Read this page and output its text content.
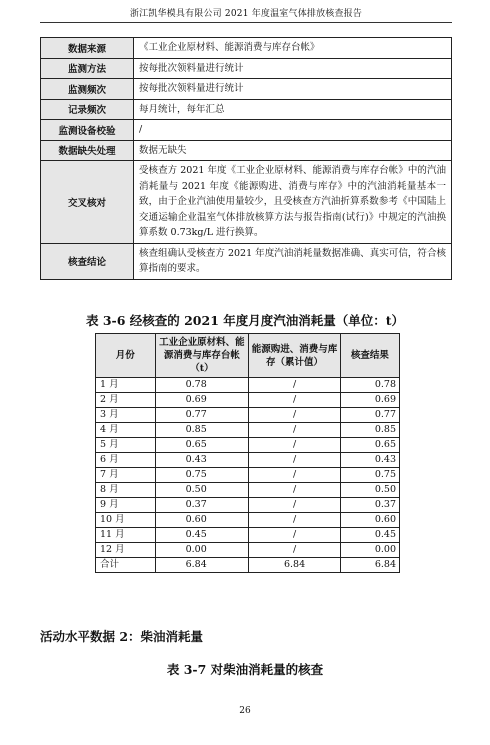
浙江凯华模具有限公司 2021 年度温室气体排放核查报告
数据来源	《工业企业原材料、能源消费与库存台帐》
监测方法	按每批次领料量进行统计
监测频次	按每批次领料量进行统计
记录频次	每月统计，每年汇总
监测设备校验	/
数据缺失处理	数据无缺失
交叉核对	受核查方 2021 年度《工业企业原材料、能源消费与库存台帐》中的汽油消耗量与 2021 年度《能源购进、消费与库存》中的汽油消耗量基本一致，由于企业汽油使用量较少，且受核查方汽油折算系数参考《中国陆上交通运输企业温室气体排放核算方法与报告指南(试行)》中规定的汽油换算系数 0.73kg/L 进行换算。
核查结论	核查组确认受核查方 2021 年度汽油消耗量数据准确、真实可信，符合核算指南的要求。
表 3-6 经核查的 2021 年度月度汽油消耗量（单位：t）
月份	工业企业原材料、能源消费与库存台帐（t）	能源购进、消费与库存（累计值）	核查结果
1 月	0.78	/	0.78
2 月	0.69	/	0.69
3 月	0.77	/	0.77
4 月	0.85	/	0.85
5 月	0.65	/	0.65
6 月	0.43	/	0.43
7 月	0.75	/	0.75
8 月	0.50	/	0.50
9 月	0.37	/	0.37
10 月	0.60	/	0.60
11 月	0.45	/	0.45
12 月	0.00	/	0.00
合计	6.84	6.84	6.84
活动水平数据 2：柴油消耗量
表 3-7 对柴油消耗量的核查
26
